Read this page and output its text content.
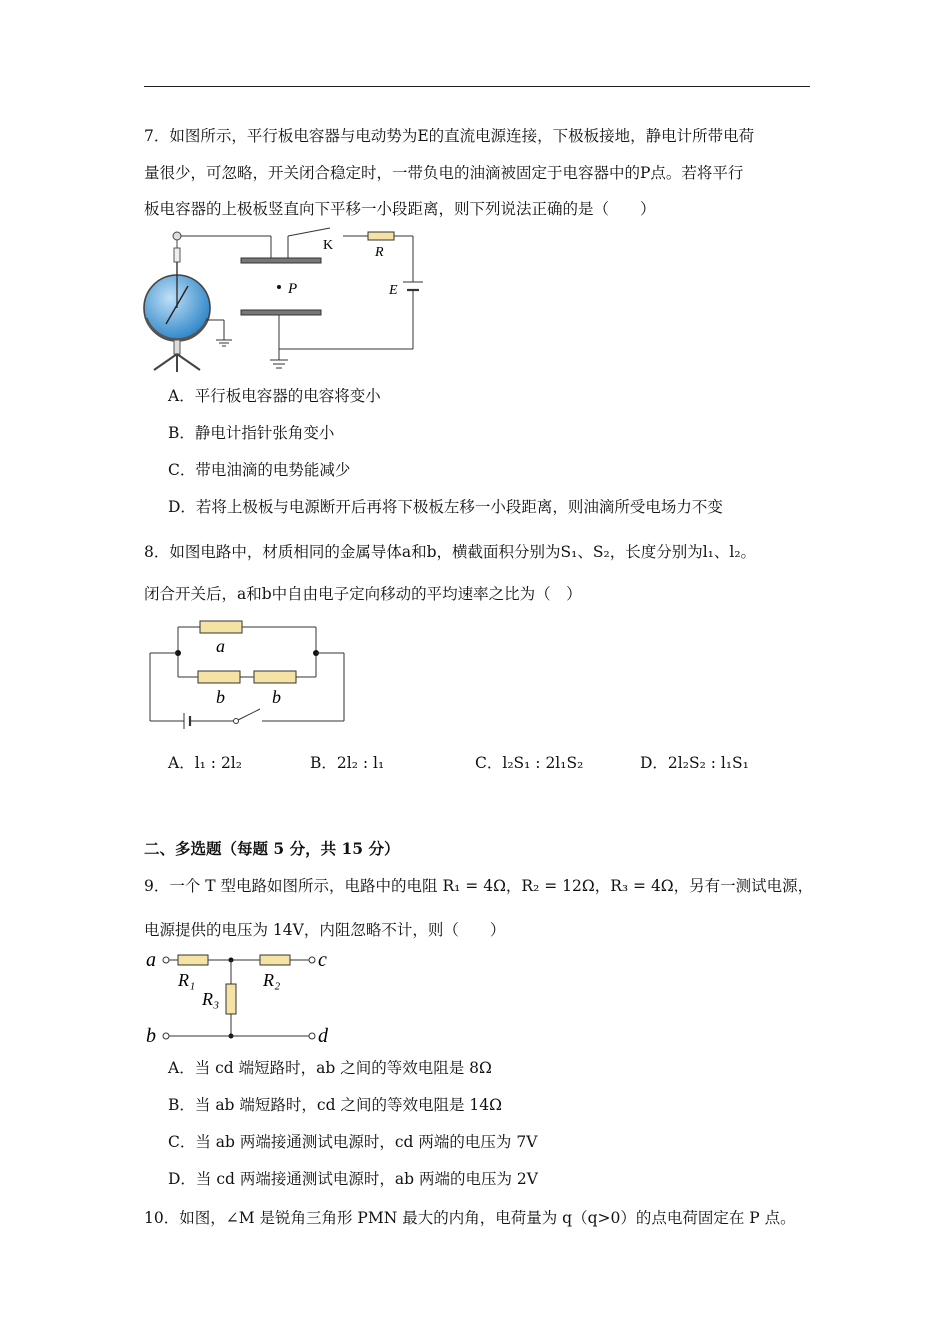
7．如图所示，平行板电容器与电动势为E的直流电源连接，下极板接地，静电计所带电荷
量很少，可忽略，开关闭合稳定时，一带负电的油滴被固定于电容器中的P点。若将平行
板电容器的上极板竖直向下平移一小段距离，则下列说法正确的是（　　）
P
K	R
E
A．平行板电容器的电容将变小
B．静电计指针张角变小
C．带电油滴的电势能减少
D．若将上极板与电源断开后再将下极板左移一小段距离，则油滴所受电场力不变
8．如图电路中，材质相同的金属导体a和b，横截面积分别为S₁、S₂，长度分别为l₁、l₂。
闭合开关后，a和b中自由电子定向移动的平均速率之比为（　）
a
b	b
A．l₁ : 2l₂	B．2l₂ : l₁	C．l₂S₁ : 2l₁S₂	D．2l₂S₂ : l₁S₁
二、多选题（每题 5 分，共 15 分）
9．一个 T 型电路如图所示，电路中的电阻 R₁ = 4Ω，R₂ = 12Ω，R₃ = 4Ω，另有一测试电源，
电源提供的电压为 14V，内阻忽略不计，则（　　）
a
b
c
d
R₁	R₂
R₃
A．当 cd 端短路时，ab 之间的等效电阻是 8Ω
B．当 ab 端短路时，cd 之间的等效电阻是 14Ω
C．当 ab 两端接通测试电源时，cd 两端的电压为 7V
D．当 cd 两端接通测试电源时，ab 两端的电压为 2V
10．如图，∠M 是锐角三角形 PMN 最大的内角，电荷量为 q（q>0）的点电荷固定在 P 点。
